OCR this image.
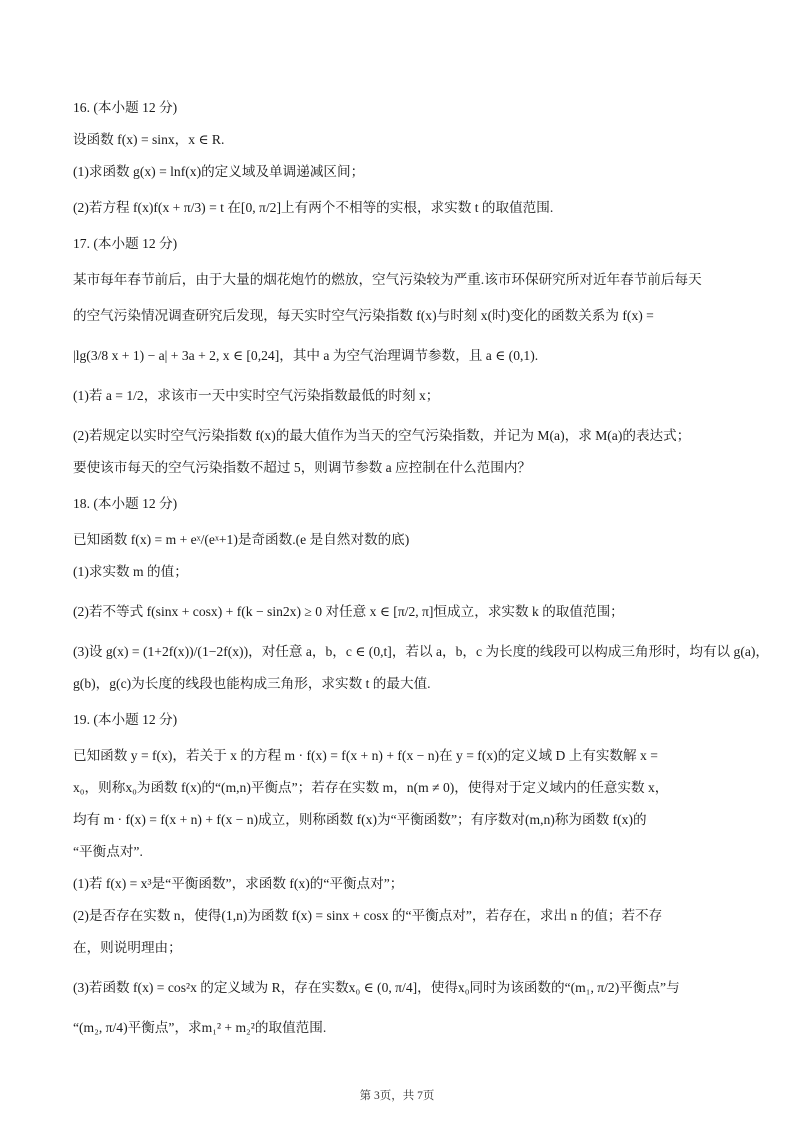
16. (本小题 12 分)

设函数 f(x) = sinx，x ∈ R.

(1)求函数 g(x) = lnf(x)的定义域及单调递减区间；

(2)若方程 f(x)f(x + π/3) = t 在[0, π/2]上有两个不相等的实根，求实数 t 的取值范围.

17. (本小题 12 分)

某市每年春节前后，由于大量的烟花炮竹的燃放，空气污染较为严重.该市环保研究所对近年春节前后每天

的空气污染情况调查研究后发现，每天实时空气污染指数 f(x)与时刻 x(时)变化的函数关系为 f(x) =

|lg(3/8 x + 1) − a| + 3a + 2, x ∈ [0,24]，其中 a 为空气治理调节参数，且 a ∈ (0,1).

(1)若 a = 1/2，求该市一天中实时空气污染指数最低的时刻 x；

(2)若规定以实时空气污染指数 f(x)的最大值作为当天的空气污染指数，并记为 M(a)，求 M(a)的表达式；

要使该市每天的空气污染指数不超过 5，则调节参数 a 应控制在什么范围内？

18. (本小题 12 分)

已知函数 f(x) = m + eˣ/(eˣ+1)是奇函数.(e 是自然对数的底)

(1)求实数 m 的值；

(2)若不等式 f(sinx + cosx) + f(k − sin2x) ≥ 0 对任意 x ∈ [π/2, π]恒成立，求实数 k 的取值范围；

(3)设 g(x) = (1+2f(x))/(1−2f(x))，对任意 a，b，c ∈ (0,t]，若以 a，b，c 为长度的线段可以构成三角形时，均有以 g(a)，

g(b)，g(c)为长度的线段也能构成三角形，求实数 t 的最大值.

19. (本小题 12 分)

已知函数 y = f(x)，若关于 x 的方程 m · f(x) = f(x + n) + f(x − n)在 y = f(x)的定义域 D 上有实数解 x =

x₀，则称x₀为函数 f(x)的“(m,n)平衡点”；若存在实数 m，n(m ≠ 0)，使得对于定义域内的任意实数 x，

均有 m · f(x) = f(x + n) + f(x − n)成立，则称函数 f(x)为“平衡函数”；有序数对(m,n)称为函数 f(x)的

“平衡点对”.

(1)若 f(x) = x³是“平衡函数”，求函数 f(x)的“平衡点对”；

(2)是否存在实数 n，使得(1,n)为函数 f(x) = sinx + cosx 的“平衡点对”，若存在，求出 n 的值；若不存

在，则说明理由；

(3)若函数 f(x) = cos²x 的定义域为 R，存在实数x₀ ∈ (0, π/4]，使得x₀同时为该函数的“(m₁, π/2)平衡点”与

“(m₂, π/4)平衡点”，求m₁² + m₂²的取值范围.

第 3页，共 7页
